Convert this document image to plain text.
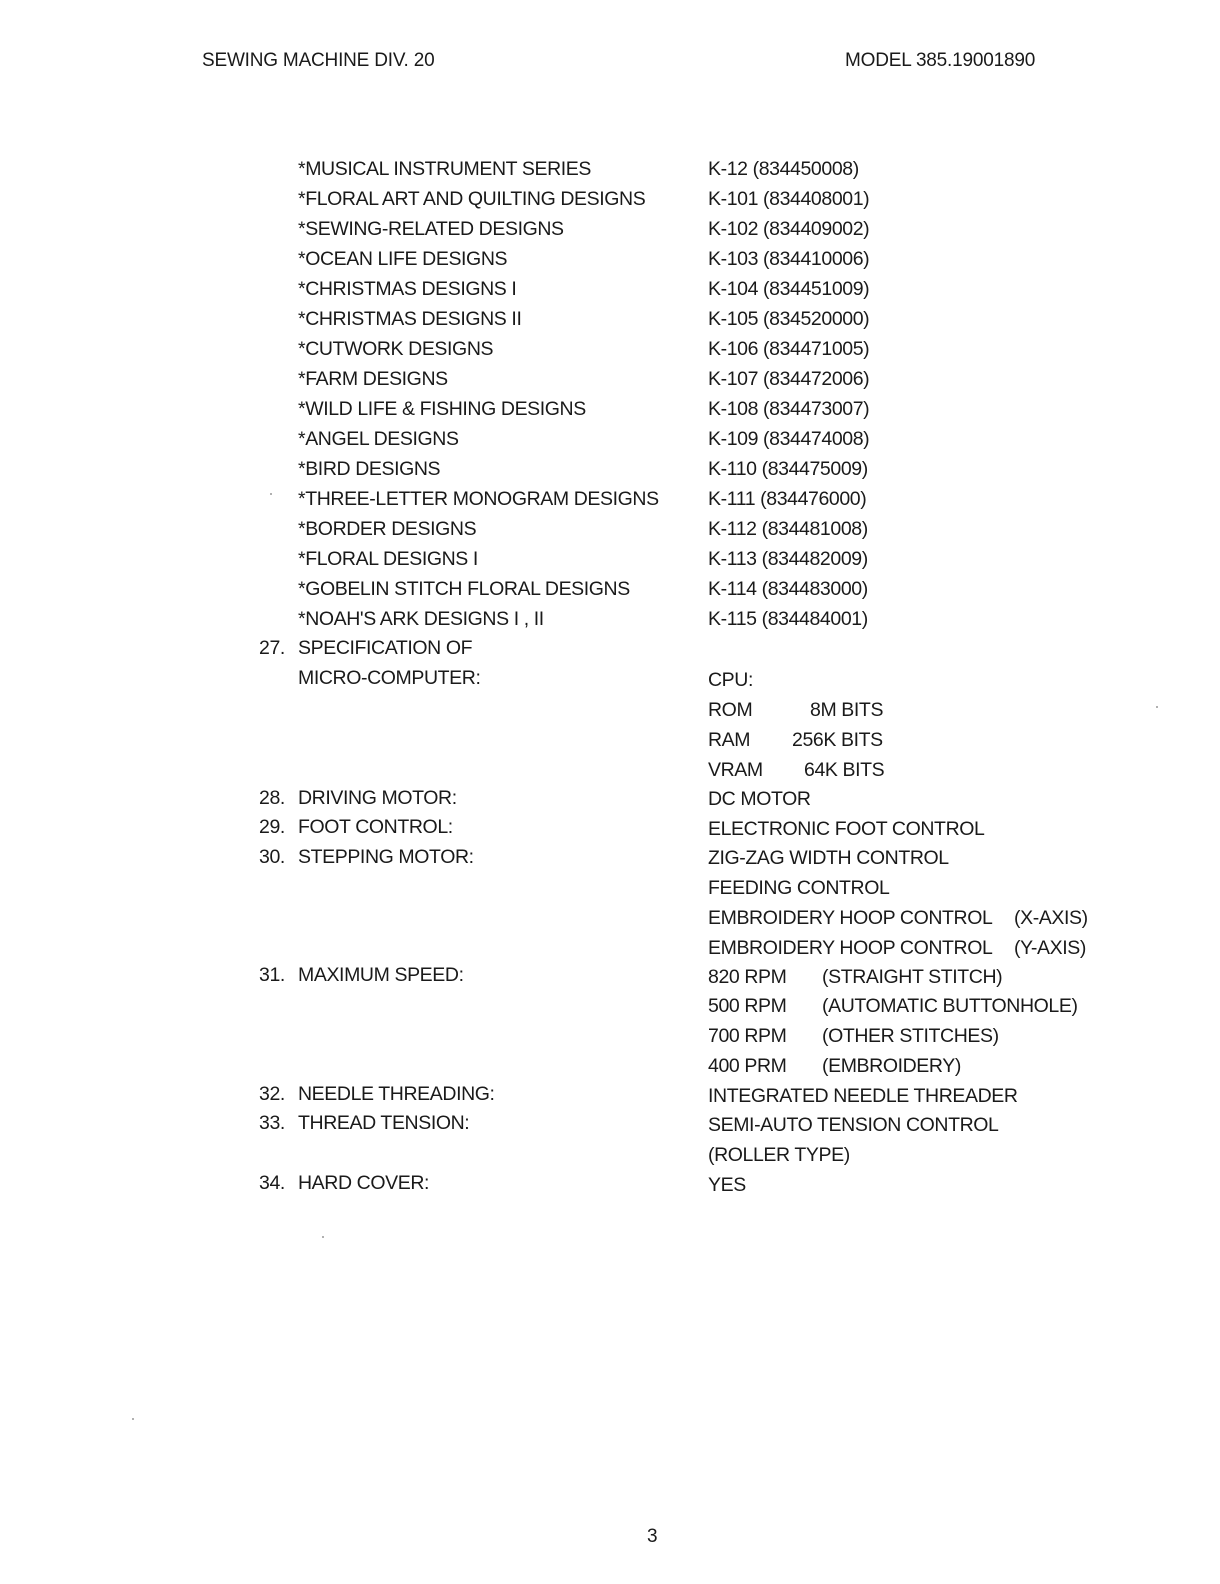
SEWING MACHINE DIV. 20	MODEL 385.19001890
*MUSICAL INSTRUMENT SERIES	K-12 (834450008)
*FLORAL ART AND QUILTING DESIGNS	K-101 (834408001)
*SEWING-RELATED DESIGNS	K-102 (834409002)
*OCEAN LIFE DESIGNS	K-103 (834410006)
*CHRISTMAS DESIGNS I	K-104 (834451009)
*CHRISTMAS DESIGNS II	K-105 (834520000)
*CUTWORK DESIGNS	K-106 (834471005)
*FARM DESIGNS	K-107 (834472006)
*WILD LIFE & FISHING DESIGNS	K-108 (834473007)
*ANGEL DESIGNS	K-109 (834474008)
*BIRD DESIGNS	K-110 (834475009)
*THREE-LETTER MONOGRAM DESIGNS	K-111 (834476000)
*BORDER DESIGNS	K-112 (834481008)
*FLORAL DESIGNS I	K-113 (834482009)
*GOBELIN STITCH FLORAL DESIGNS	K-114 (834483000)
*NOAH'S ARK DESIGNS I , II	K-115 (834484001)
27. SPECIFICATION OF
MICRO-COMPUTER:	CPU:
ROM	8M BITS
RAM 256K BITS
VRAM 64K BITS
28. DRIVING MOTOR:	DC MOTOR
29. FOOT CONTROL:	ELECTRONIC FOOT CONTROL
30. STEPPING MOTOR:	ZIG-ZAG WIDTH CONTROL
FEEDING CONTROL
EMBROIDERY HOOP CONTROL (X-AXIS)
EMBROIDERY HOOP CONTROL (Y-AXIS)
31. MAXIMUM SPEED:	820 RPM (STRAIGHT STITCH)
500 RPM (AUTOMATIC BUTTONHOLE)
700 RPM (OTHER STITCHES)
400 PRM (EMBROIDERY)
32. NEEDLE THREADING:	INTEGRATED NEEDLE THREADER
33. THREAD TENSION:	SEMI-AUTO TENSION CONTROL
(ROLLER TYPE)
34. HARD COVER:	YES
3
